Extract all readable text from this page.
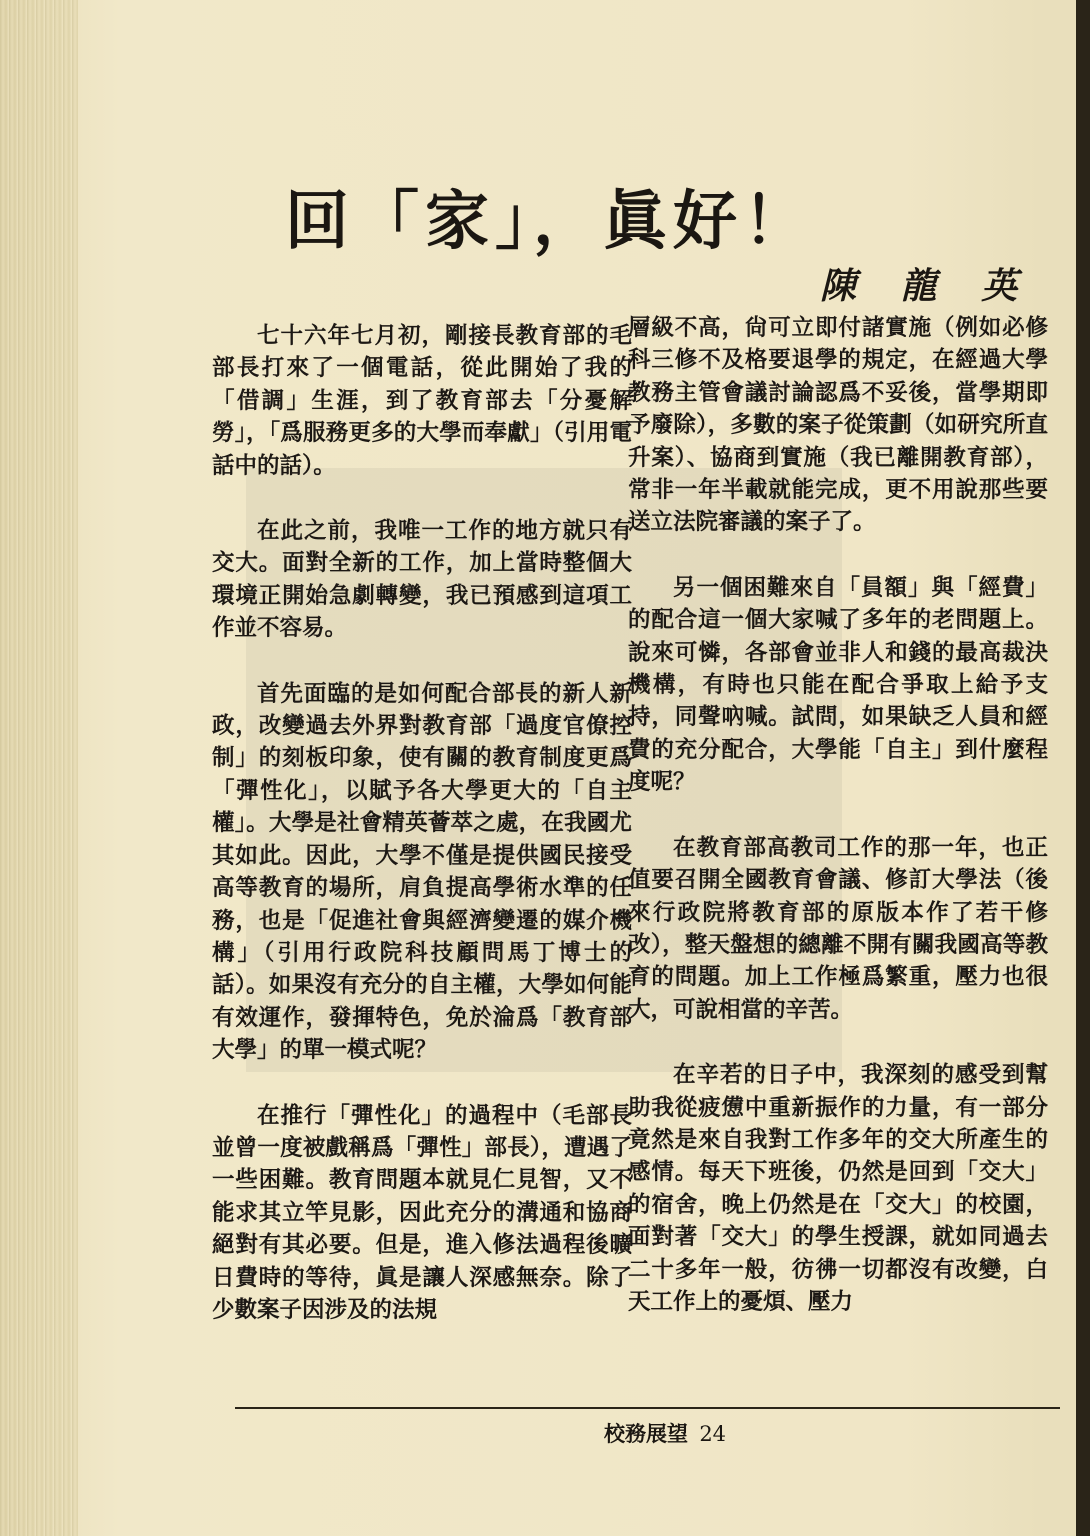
回「家」，眞好！
陳 龍 英

七十六年七月初，剛接長教育部的毛部長打來了一個電話，從此開始了我的「借調」生涯，到了教育部去「分憂解勞」，「爲服務更多的大學而奉獻」（引用電話中的話）。

在此之前，我唯一工作的地方就只有交大。面對全新的工作，加上當時整個大環境正開始急劇轉變，我已預感到這項工作並不容易。

首先面臨的是如何配合部長的新人新政，改變過去外界對教育部「過度官僚控制」的刻板印象，使有關的教育制度更爲「彈性化」，以賦予各大學更大的「自主權」。大學是社會精英薈萃之處，在我國尤其如此。因此，大學不僅是提供國民接受高等教育的場所，肩負提高學術水準的任務，也是「促進社會與經濟變遷的媒介機構」（引用行政院科技顧問馬丁博士的話）。如果沒有充分的自主權，大學如何能有效運作，發揮特色，免於淪爲「教育部大學」的單一模式呢？

在推行「彈性化」的過程中（毛部長並曾一度被戲稱爲「彈性」部長），遭遇了一些困難。教育問題本就見仁見智，又不能求其立竿見影，因此充分的溝通和協商絕對有其必要。但是，進入修法過程後曠日費時的等待，眞是讓人深感無奈。除了少數案子因涉及的法規

層級不高，尙可立即付諸實施（例如必修科三修不及格要退學的規定，在經過大學教務主管會議討論認爲不妥後，當學期即予廢除），多數的案子從策劃（如研究所直升案）、協商到實施（我已離開教育部），常非一年半載就能完成，更不用說那些要送立法院審議的案子了。

另一個困難來自「員額」與「經費」的配合這一個大家喊了多年的老問題上。說來可憐，各部會並非人和錢的最高裁決機構，有時也只能在配合爭取上給予支持，同聲吶喊。試問，如果缺乏人員和經費的充分配合，大學能「自主」到什麼程度呢？

在教育部高教司工作的那一年，也正值要召開全國教育會議、修訂大學法（後來行政院將教育部的原版本作了若干修改），整天盤想的總離不開有關我國高等教育的問題。加上工作極爲繁重，壓力也很大，可說相當的辛苦。

在辛若的日子中，我深刻的感受到幫助我從疲憊中重新振作的力量，有一部分竟然是來自我對工作多年的交大所產生的感情。每天下班後，仍然是回到「交大」的宿舍，晚上仍然是在「交大」的校園，面對著「交大」的學生授課，就如同過去二十多年一般，彷彿一切都沒有改變，白天工作上的憂煩、壓力

校務展望 24
